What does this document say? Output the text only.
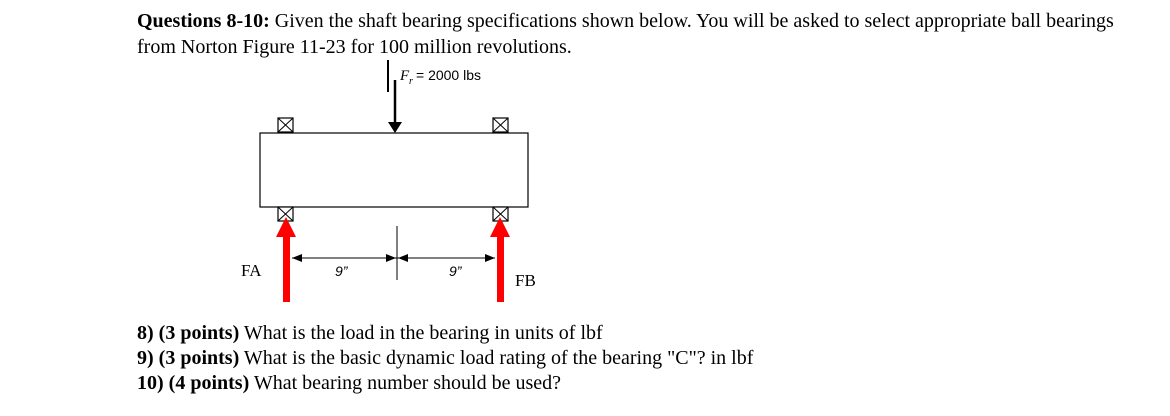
Questions 8-10: Given the shaft bearing specifications shown below. You will be asked to select appropriate ball bearings from Norton Figure 11-23 for 100 million revolutions.
F r = 2000 lbs
9”	9”
FA
FB
8) (3 points) What is the load in the bearing in units of lbf
9) (3 points) What is the basic dynamic load rating of the bearing "C"? in lbf
10) (4 points) What bearing number should be used?
